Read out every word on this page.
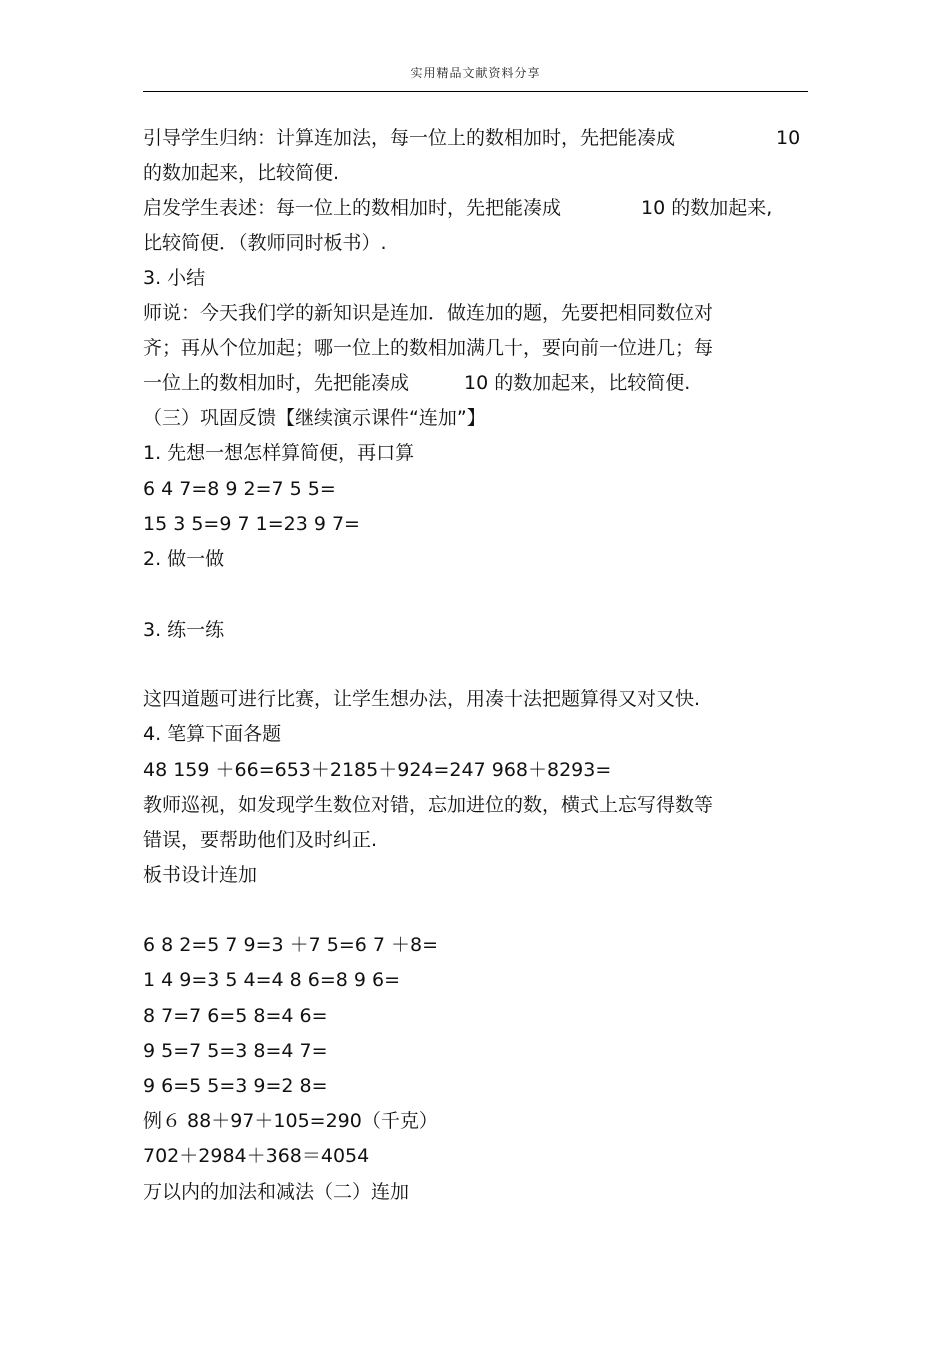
实用精品文献资料分享
引导学生归纳：计算连加法，每一位上的数相加时，先把能凑成	10
的数加起来，比较简便.
启发学生表述：每一位上的数相加时，先把能凑成	10 的数加起来,
比较简便．（教师同时板书）.
3. 小结
师说：今天我们学的新知识是连加．做连加的题，先要把相同数位对
齐；再从个位加起；哪一位上的数相加满几十，要向前一位进几；每
一位上的数相加时，先把能凑成	10 的数加起来，比较简便.
（三）巩固反馈【继续演示课件“连加”】
1. 先想一想怎样算简便，再口算
6 4 7=8 9 2=7 5 5=
15 3 5=9 7 1=23 9 7=
2. 做一做
3. 练一练
这四道题可进行比赛，让学生想办法，用凑十法把题算得又对又快.
4. 笔算下面各题
48 159 ＋66=653＋2185＋924=247 968＋8293=
教师巡视，如发现学生数位对错，忘加进位的数，横式上忘写得数等
错误，要帮助他们及时纠正.
板书设计连加
6 8 2=5 7 9=3 ＋7 5=6 7 ＋8=
1 4 9=3 5 4=4 8 6=8 9 6=
8 7=7 6=5 8=4 6=
9 5=7 5=3 8=4 7=
9 6=5 5=3 9=2 8=
例６ 88＋97＋105=290（千克）
702＋2984＋368＝4054
万以内的加法和减法（二）连加
